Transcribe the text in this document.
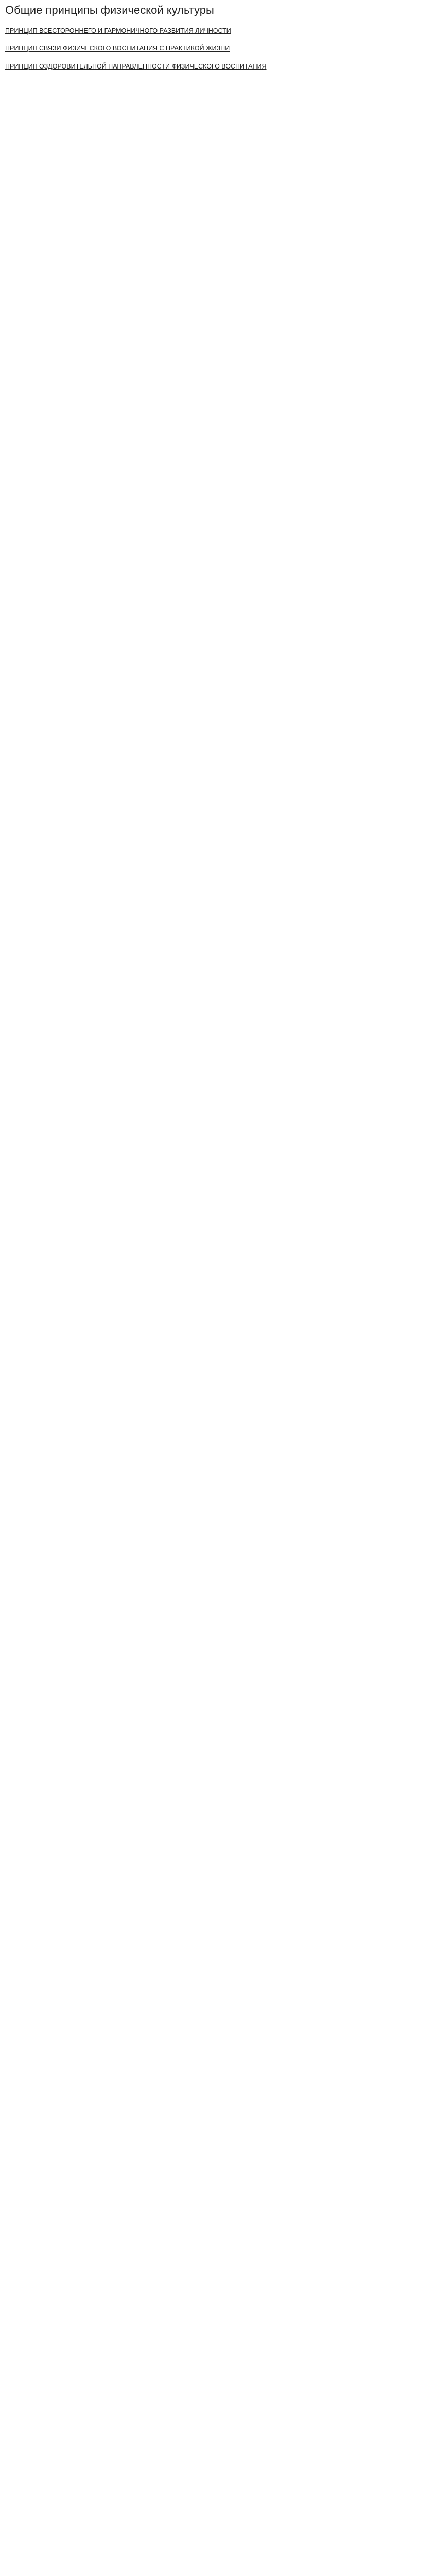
Общие принципы физической культуры
ПРИНЦИП ВСЕСТОРОННЕГО И ГАРМОНИЧНОГО РАЗВИТИЯ ЛИЧНОСТИ
ПРИНЦИП СВЯЗИ ФИЗИЧЕСКОГО ВОСПИТАНИЯ С ПРАКТИКОЙ ЖИЗНИ
ПРИНЦИП ОЗДОРОВИТЕЛЬНОЙ НАПРАВЛЕННОСТИ ФИЗИЧЕСКОГО ВОСПИТАНИЯ
